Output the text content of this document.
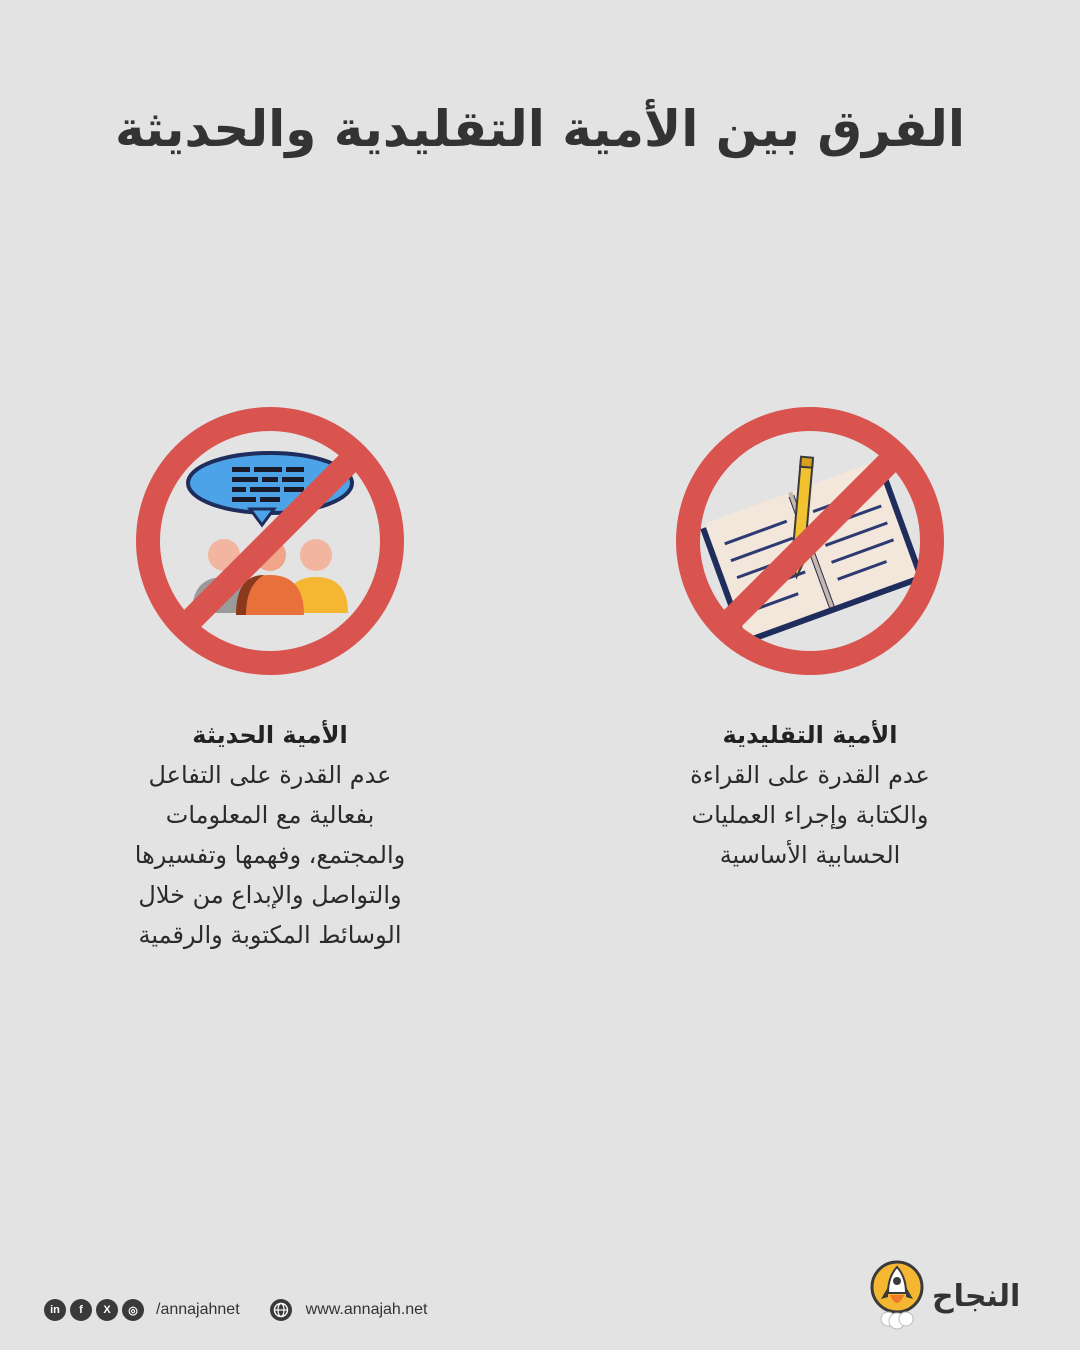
الفرق بين الأمية التقليدية والحديثة
الأمية التقليدية
عدم القدرة على القراءة
والكتابة وإجراء العمليات
الحسابية الأساسية
الأمية الحديثة
عدم القدرة على التفاعل
بفعالية مع المعلومات
والمجتمع، وفهمها وتفسيرها
والتواصل والإبداع من خلال
الوسائط المكتوبة والرقمية
in	f	X	◎	/annajahnet	www.annajah.net	النجاح
